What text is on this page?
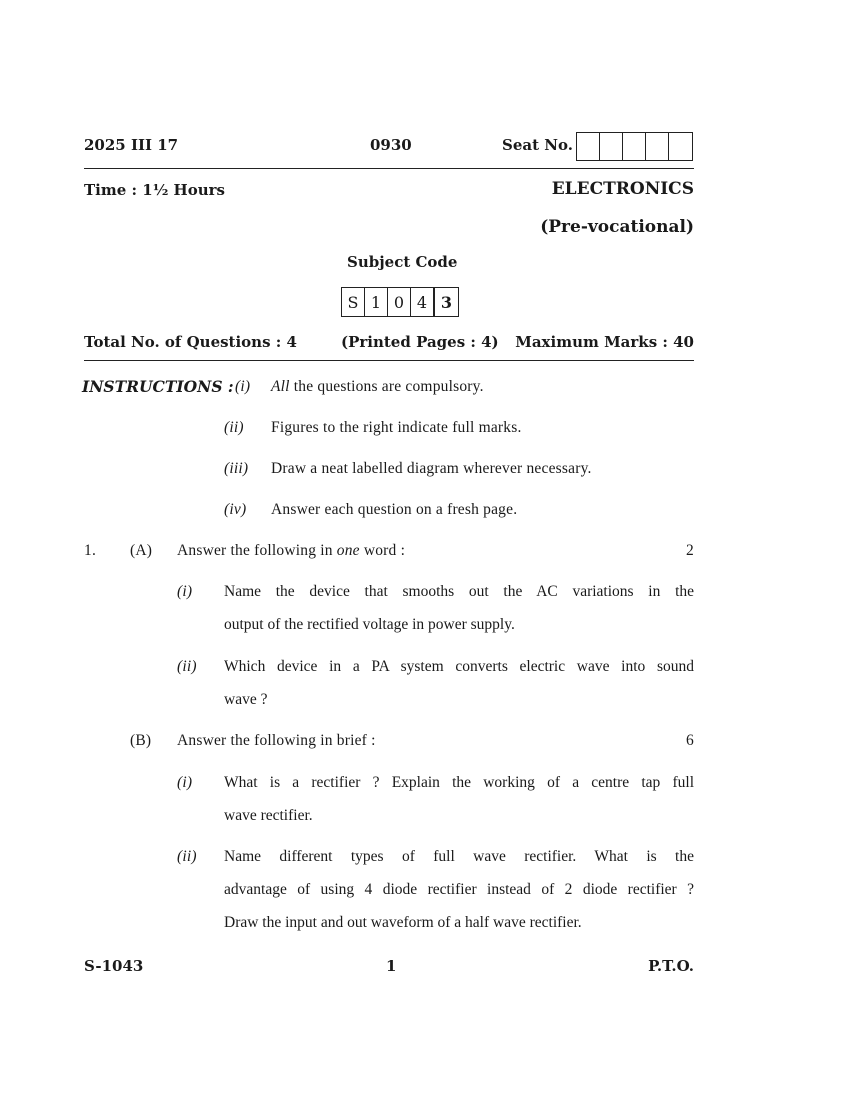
2025 III 17	0930	Seat No.
Time : 1½ Hours	ELECTRONICS
(Pre-vocational)
Subject Code
S 1 0 4 3
Total No. of Questions : 4	(Printed Pages : 4) Maximum Marks : 40
INSTRUCTIONS : (i) All the questions are compulsory.
(ii) Figures to the right indicate full marks.
(iii) Draw a neat labelled diagram wherever necessary.
(iv) Answer each question on a fresh page.
1. (A) Answer the following in one word :	2
(i) Name the device that smooths out the AC variations in the
output of the rectified voltage in power supply.
(ii) Which device in a PA system converts electric wave into sound
wave ?
(B) Answer the following in brief :	6
(i) What is a rectifier ? Explain the working of a centre tap full
wave rectifier.
(ii) Name different types of full wave rectifier. What is the
advantage of using 4 diode rectifier instead of 2 diode rectifier ?
Draw the input and out waveform of a half wave rectifier.
S-1043	1	P.T.O.
